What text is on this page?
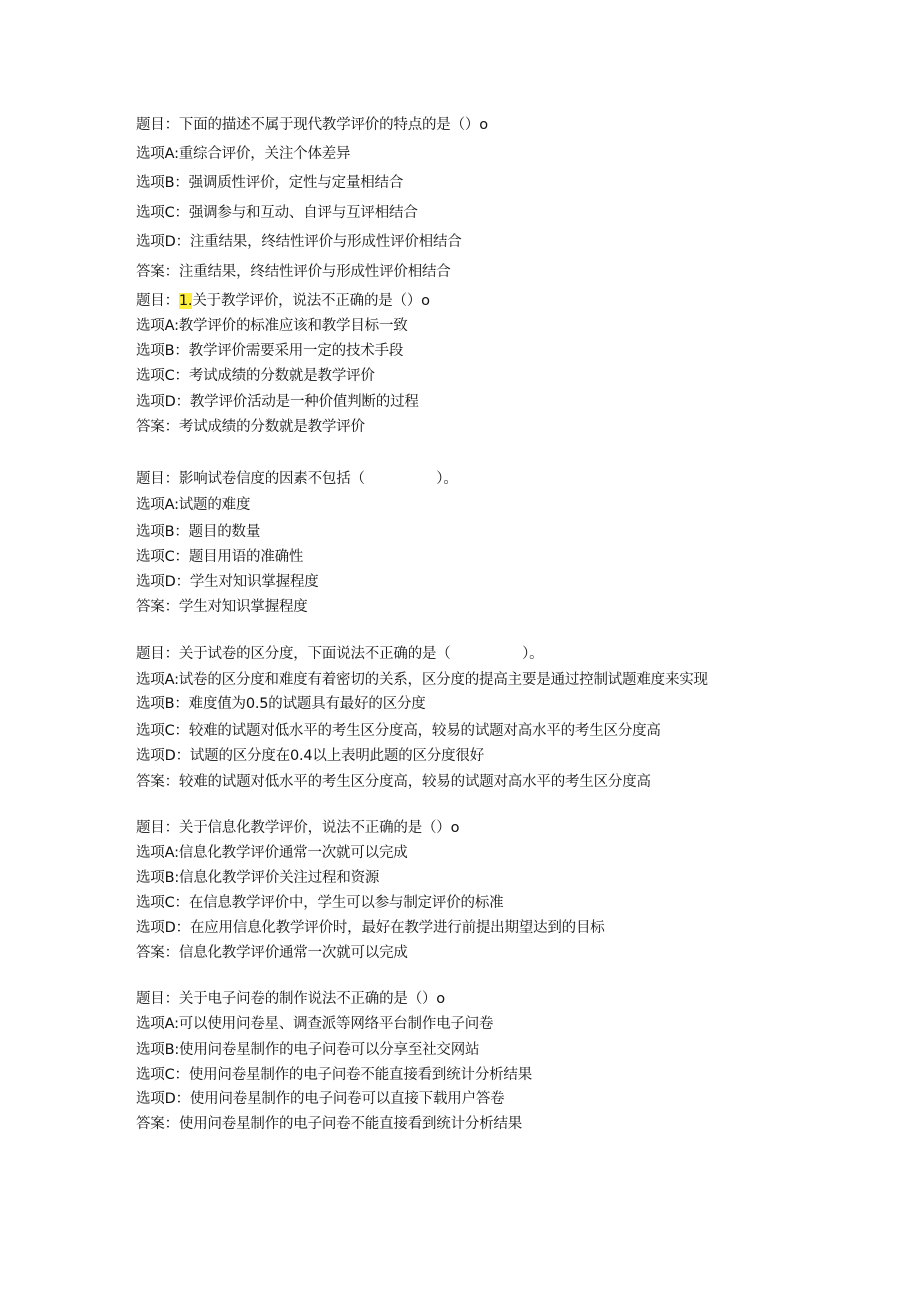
题目：下面的描述不属于现代教学评价的特点的是（）o
选项A:重综合评价，关注个体差异
选项B：强调质性评价，定性与定量相结合
选项C：强调参与和互动、自评与互评相结合
选项D：注重结果，终结性评价与形成性评价相结合
答案：注重结果，终结性评价与形成性评价相结合
题目：1.关于教学评价，说法不正确的是（）o
选项A:教学评价的标准应该和教学目标一致
选项B：教学评价需要采用一定的技术手段
选项C：考试成绩的分数就是教学评价
选项D：教学评价活动是一种价值判断的过程
答案：考试成绩的分数就是教学评价
题目：影响试卷信度的因素不包括（　　　　　）。
选项A:试题的难度
选项B：题目的数量
选项C：题目用语的准确性
选项D：学生对知识掌握程度
答案：学生对知识掌握程度
题目：关于试卷的区分度，下面说法不正确的是（　　　　　）。
选项A:试卷的区分度和难度有着密切的关系，区分度的提高主要是通过控制试题难度来实现
选项B：难度值为0.5的试题具有最好的区分度
选项C：较难的试题对低水平的考生区分度高，较易的试题对高水平的考生区分度高
选项D：试题的区分度在0.4以上表明此题的区分度很好
答案：较难的试题对低水平的考生区分度高，较易的试题对高水平的考生区分度高
题目：关于信息化教学评价，说法不正确的是（）o
选项A:信息化教学评价通常一次就可以完成
选项B:信息化教学评价关注过程和资源
选项C：在信息教学评价中，学生可以参与制定评价的标准
选项D：在应用信息化教学评价时，最好在教学进行前提出期望达到的目标
答案：信息化教学评价通常一次就可以完成
题目：关于电子问卷的制作说法不正确的是（）o
选项A:可以使用问卷星、调查派等网络平台制作电子问卷
选项B:使用问卷星制作的电子问卷可以分享至社交网站
选项C：使用问卷星制作的电子问卷不能直接看到统计分析结果
选项D：使用问卷星制作的电子问卷可以直接下载用户答卷
答案：使用问卷星制作的电子问卷不能直接看到统计分析结果
